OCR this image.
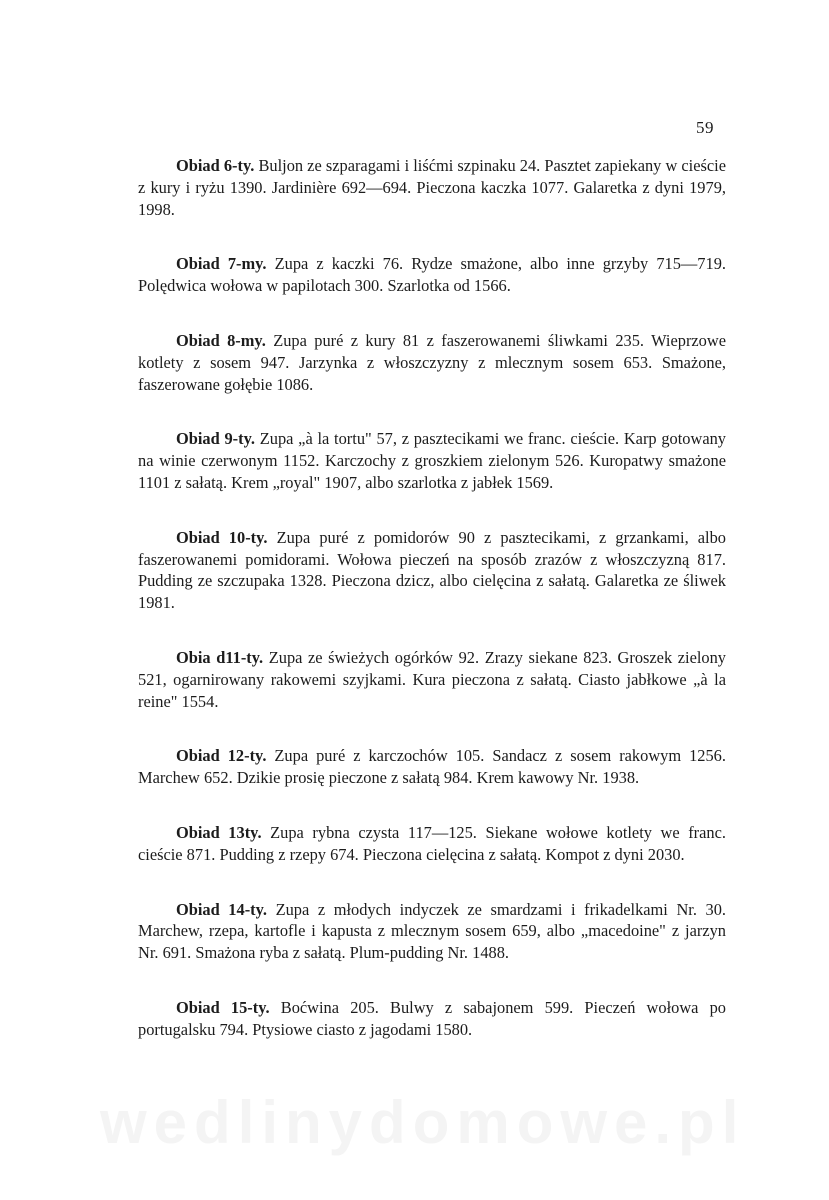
59

Obiad 6-ty. Buljon ze szparagami i liśćmi szpinaku 24. Pasztet zapiekany w cieście z kury i ryżu 1390. Jardinière 692—694. Pieczona kaczka 1077. Galaretka z dyni 1979, 1998.

Obiad 7-my. Zupa z kaczki 76. Rydze smażone, albo inne grzyby 715—719. Polędwica wołowa w papilotach 300. Szarlotka od 1566.

Obiad 8-my. Zupa puré z kury 81 z faszerowanemi śliwkami 235. Wieprzowe kotlety z sosem 947. Jarzynka z włoszczyzny z mlecznym sosem 653. Smażone, faszerowane gołębie 1086.

Obiad 9-ty. Zupa „à la tortu" 57, z pasztecikami we franc. cieście. Karp gotowany na winie czerwonym 1152. Karczochy z groszkiem zielonym 526. Kuropatwy smażone 1101 z sałatą. Krem „royal" 1907, albo szarlotka z jabłek 1569.

Obiad 10-ty. Zupa puré z pomidorów 90 z pasztecikami, z grzankami, albo faszerowanemi pomidorami. Wołowa pieczeń na sposób zrazów z włoszczyzną 817. Pudding ze szczupaka 1328. Pieczona dzicz, albo cielęcina z sałatą. Galaretka ze śliwek 1981.

Obia d11-ty. Zupa ze świeżych ogórków 92. Zrazy siekane 823. Groszek zielony 521, ogarnirowany rakowemi szyjkami. Kura pieczona z sałatą. Ciasto jabłkowe „à la reine" 1554.

Obiad 12-ty. Zupa puré z karczochów 105. Sandacz z sosem rakowym 1256. Marchew 652. Dzikie prosię pieczone z sałatą 984. Krem kawowy Nr. 1938.

Obiad 13ty. Zupa rybna czysta 117—125. Siekane wołowe kotlety we franc. cieście 871. Pudding z rzepy 674. Pieczona cielęcina z sałatą. Kompot z dyni 2030.

Obiad 14-ty. Zupa z młodych indyczek ze smardzami i frikadelkami Nr. 30. Marchew, rzepa, kartofle i kapusta z mlecznym sosem 659, albo „macedoine" z jarzyn Nr. 691. Smażona ryba z sałatą. Plum-pudding Nr. 1488.

Obiad 15-ty. Boćwina 205. Bulwy z sabajonem 599. Pieczeń wołowa po portugalsku 794. Ptysiowe ciasto z jagodami 1580.

wedlinydomowe.pl
